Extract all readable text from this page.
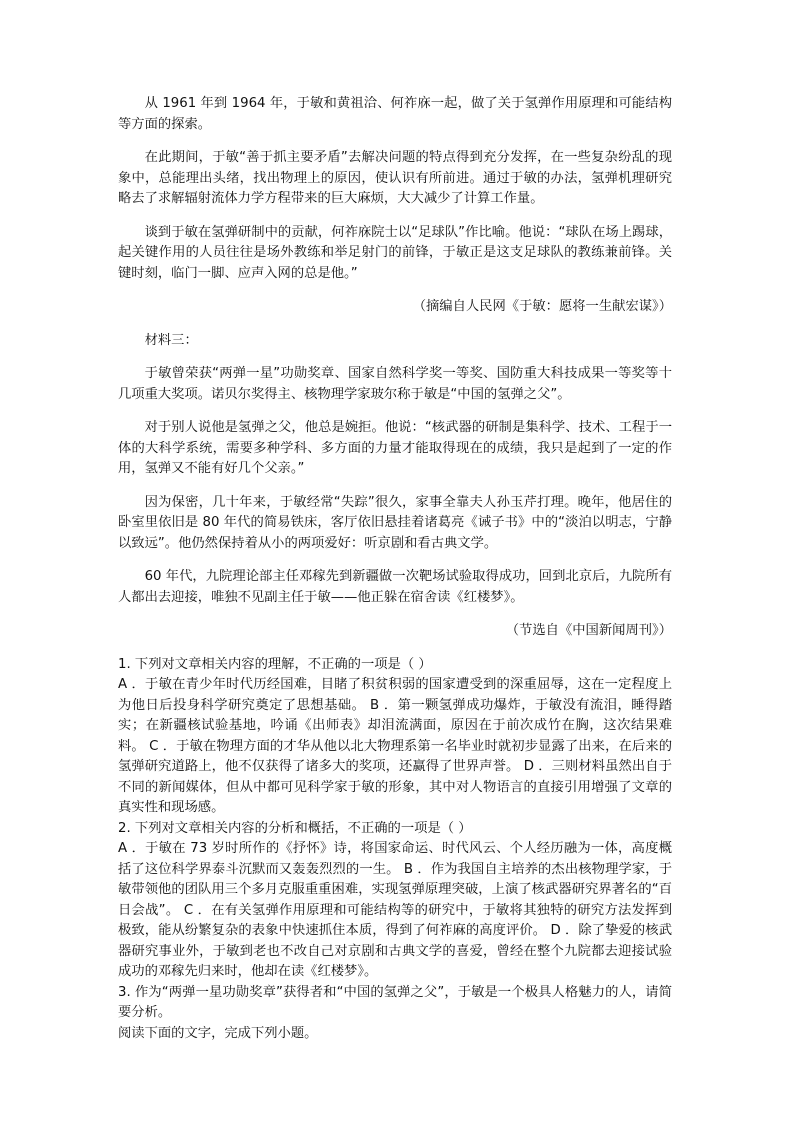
从 1961 年到 1964 年，于敏和黄祖洽、何祚庥一起，做了关于氢弹作用原理和可能结构等方面的探索。

在此期间，于敏“善于抓主要矛盾”去解决问题的特点得到充分发挥，在一些复杂纷乱的现象中，总能理出头绪，找出物理上的原因，使认识有所前进。通过于敏的办法，氢弹机理研究略去了求解辐射流体力学方程带来的巨大麻烦，大大减少了计算工作量。

谈到于敏在氢弹研制中的贡献，何祚庥院士以“足球队”作比喻。他说：“球队在场上踢球，起关键作用的人员往往是场外教练和举足射门的前锋，于敏正是这支足球队的教练兼前锋。关键时刻，临门一脚、应声入网的总是他。”

（摘编自人民网《于敏：愿将一生献宏谋》）

材料三：

于敏曾荣获“两弹一星”功勋奖章、国家自然科学奖一等奖、国防重大科技成果一等奖等十几项重大奖项。诺贝尔奖得主、核物理学家玻尔称于敏是“中国的氢弹之父”。

对于别人说他是氢弹之父，他总是婉拒。他说：“核武器的研制是集科学、技术、工程于一体的大科学系统，需要多种学科、多方面的力量才能取得现在的成绩，我只是起到了一定的作用，氢弹又不能有好几个父亲。”

因为保密，几十年来，于敏经常“失踪”很久，家事全靠夫人孙玉芹打理。晚年，他居住的卧室里依旧是 80 年代的简易铁床，客厅依旧悬挂着诸葛亮《诫子书》中的“淡泊以明志，宁静以致远”。他仍然保持着从小的两项爱好：听京剧和看古典文学。

60 年代，九院理论部主任邓稼先到新疆做一次靶场试验取得成功，回到北京后，九院所有人都出去迎接，唯独不见副主任于敏——他正躲在宿舍读《红楼梦》。

（节选自《中国新闻周刊》）

1. 下列对文章相关内容的理解，不正确的一项是（ ）

A ．于敏在青少年时代历经国难，目睹了积贫积弱的国家遭受到的深重屈辱，这在一定程度上为他日后投身科学研究奠定了思想基础。 B ．第一颗氢弹成功爆炸，于敏没有流泪，睡得踏实；在新疆核试验基地，吟诵《出师表》却泪流满面，原因在于前次成竹在胸，这次结果难料。 C ．于敏在物理方面的才华从他以北大物理系第一名毕业时就初步显露了出来，在后来的氢弹研究道路上，他不仅获得了诸多大的奖项，还赢得了世界声誉。 D ．三则材料虽然出自于不同的新闻媒体，但从中都可见科学家于敏的形象，其中对人物语言的直接引用增强了文章的真实性和现场感。

2. 下列对文章相关内容的分析和概括，不正确的一项是（ ）

A ．于敏在 73 岁时所作的《抒怀》诗，将国家命运、时代风云、个人经历融为一体，高度概括了这位科学界泰斗沉默而又轰轰烈烈的一生。 B ．作为我国自主培养的杰出核物理学家，于敏带领他的团队用三个多月克服重重困难，实现氢弹原理突破，上演了核武器研究界著名的“百日会战”。 C ．在有关氢弹作用原理和可能结构等的研究中，于敏将其独特的研究方法发挥到极致，能从纷繁复杂的表象中快速抓住本质，得到了何祚麻的高度评价。 D ．除了挚爱的核武器研究事业外，于敏到老也不改自己对京剧和古典文学的喜爱，曾经在整个九院都去迎接试验成功的邓稼先归来时，他却在读《红楼梦》。

3. 作为“两弹一星功勋奖章”获得者和“中国的氢弹之父”，于敏是一个极具人格魅力的人，请简要分析。

阅读下面的文字，完成下列小题。
